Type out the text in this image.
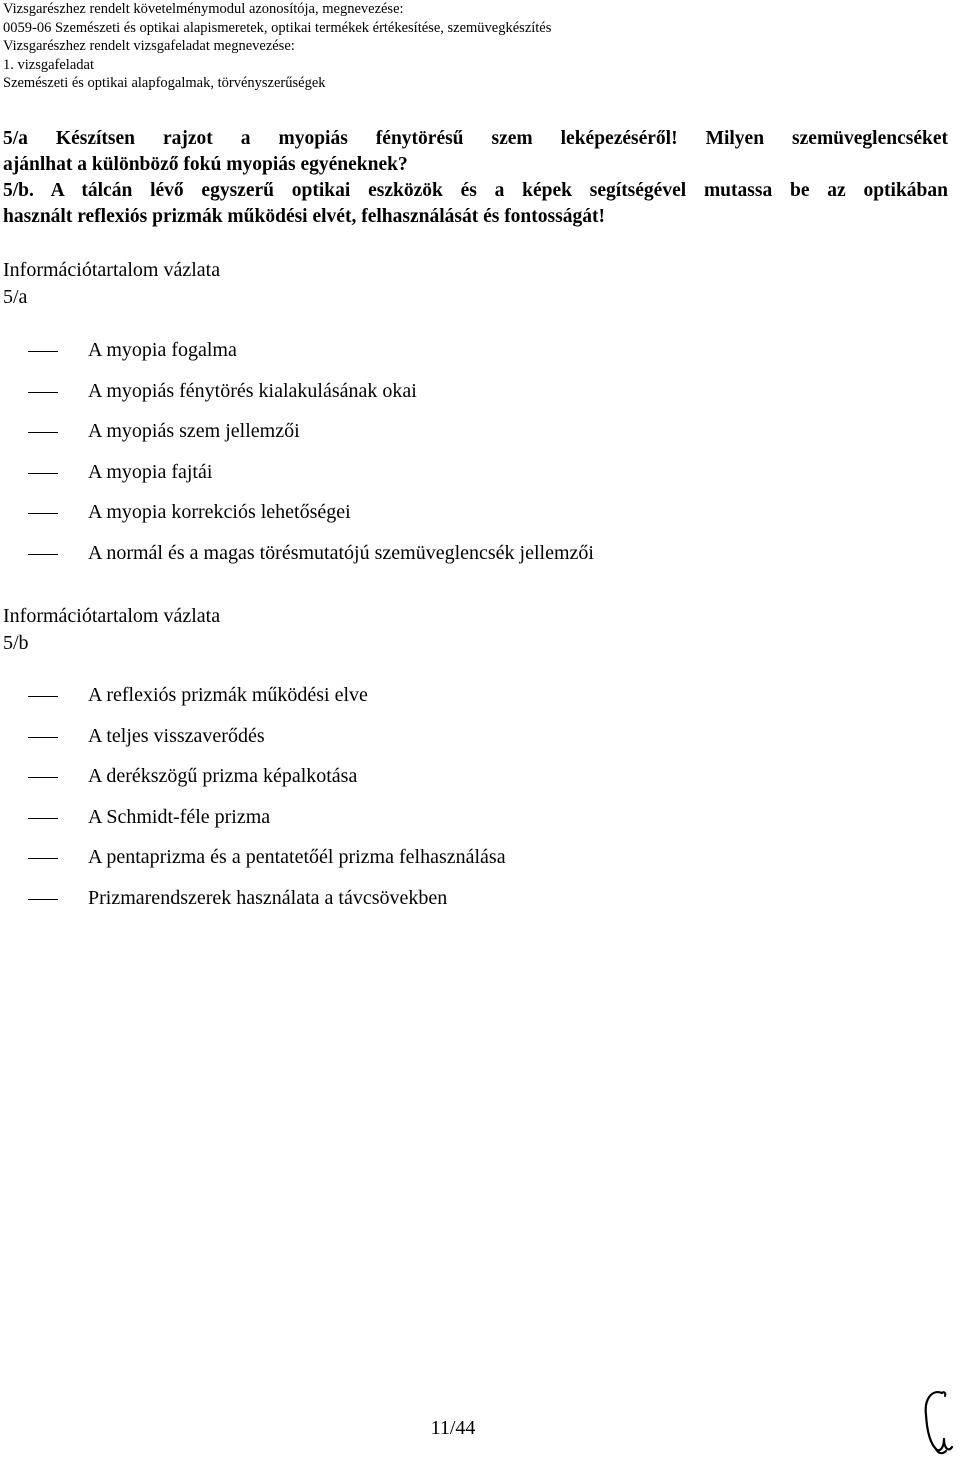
Vizsgarészhez rendelt követelménymodul azonosítója, megnevezése:
0059-06 Szemészeti és optikai alapismeretek, optikai termékek értékesítése, szemüvegkészítés
Vizsgarészhez rendelt vizsgafeladat megnevezése:
1. vizsgafeladat
Szemészeti és optikai alapfogalmak, törvényszerűségek

5/a Készítsen rajzot a myopiás fénytörésű szem leképezéséről! Milyen szemüveglencséket

ajánlhat a különböző fokú myopiás egyéneknek?

5/b. A tálcán lévő egyszerű optikai eszközök és a képek segítségével mutassa be az optikában

használt reflexiós prizmák működési elvét, felhasználását és fontosságát!

Információtartalom vázlata
5/a
A myopia fogalma
A myopiás fénytörés kialakulásának okai
A myopiás szem jellemzői
A myopia fajtái
A myopia korrekciós lehetőségei
A normál és a magas törésmutatójú szemüveglencsék jellemzői
Információtartalom vázlata
5/b
A reflexiós prizmák működési elve
A teljes visszaverődés
A derékszögű prizma képalkotása
A Schmidt-féle prizma
A pentaprizma és a pentatetőél prizma felhasználása
Prizmarendszerek használata a távcsövekben
11/44
